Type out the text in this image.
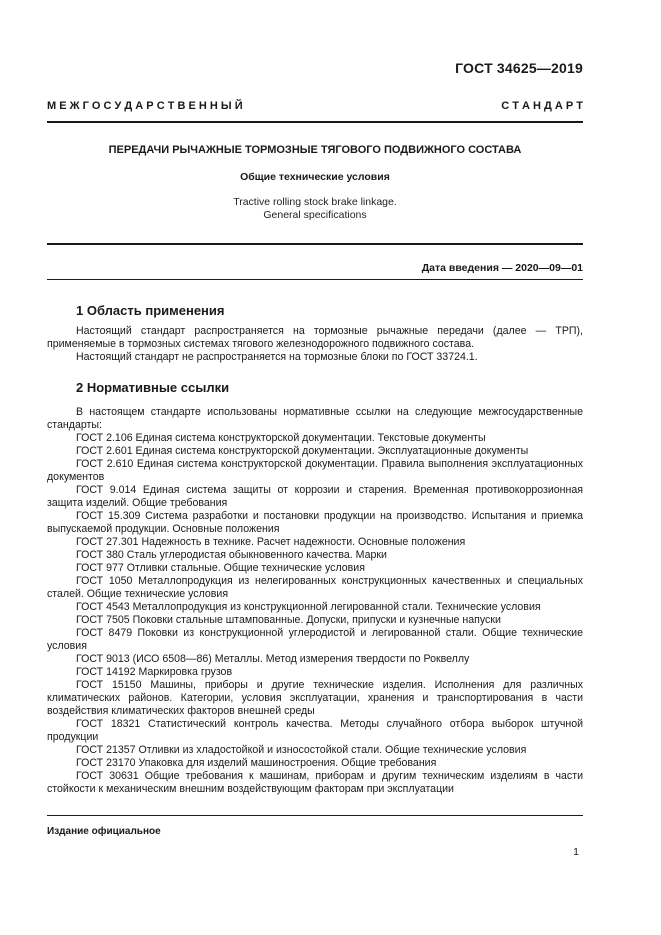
ГОСТ 34625—2019
М Е Ж Г О С У Д А Р С Т В Е Н Н Ы Й	С Т А Н Д А Р Т
ПЕРЕДАЧИ РЫЧАЖНЫЕ ТОРМОЗНЫЕ ТЯГОВОГО ПОДВИЖНОГО СОСТАВА
Общие технические условия
Tractive rolling stock brake linkage.
General specifications
Дата введения — 2020—09—01
1 Область применения

Настоящий стандарт распространяется на тормозные рычажные передачи (далее — ТРП), применяемые в тормозных системах тягового железнодорожного подвижного состава.

Настоящий стандарт не распространяется на тормозные блоки по ГОСТ 33724.1.

2 Нормативные ссылки

В настоящем стандарте использованы нормативные ссылки на следующие межгосударственные стандарты:

ГОСТ 2.106 Единая система конструкторской документации. Текстовые документы

ГОСТ 2.601 Единая система конструкторской документации. Эксплуатационные документы

ГОСТ 2.610 Единая система конструкторской документации. Правила выполнения эксплуатационных документов

ГОСТ 9.014 Единая система защиты от коррозии и старения. Временная противокоррозионная защита изделий. Общие требования

ГОСТ 15.309 Система разработки и постановки продукции на производство. Испытания и приемка выпускаемой продукции. Основные положения

ГОСТ 27.301 Надежность в технике. Расчет надежности. Основные положения

ГОСТ 380 Сталь углеродистая обыкновенного качества. Марки

ГОСТ 977 Отливки стальные. Общие технические условия

ГОСТ 1050 Металлопродукция из нелегированных конструкционных качественных и специальных сталей. Общие технические условия

ГОСТ 4543 Металлопродукция из конструкционной легированной стали. Технические условия

ГОСТ 7505 Поковки стальные штампованные. Допуски, припуски и кузнечные напуски

ГОСТ 8479 Поковки из конструкционной углеродистой и легированной стали. Общие технические условия

ГОСТ 9013 (ИСО 6508—86) Металлы. Метод измерения твердости по Роквеллу

ГОСТ 14192 Маркировка грузов

ГОСТ 15150 Машины, приборы и другие технические изделия. Исполнения для различных климатических районов. Категории, условия эксплуатации, хранения и транспортирования в части воздействия климатических факторов внешней среды

ГОСТ 18321 Статистический контроль качества. Методы случайного отбора выборок штучной продукции

ГОСТ 21357 Отливки из хладостойкой и износостойкой стали. Общие технические условия

ГОСТ 23170 Упаковка для изделий машиностроения. Общие требования

ГОСТ 30631 Общие требования к машинам, приборам и другим техническим изделиям в части стойкости к механическим внешним воздействующим факторам при эксплуатации

Издание официальное
1
